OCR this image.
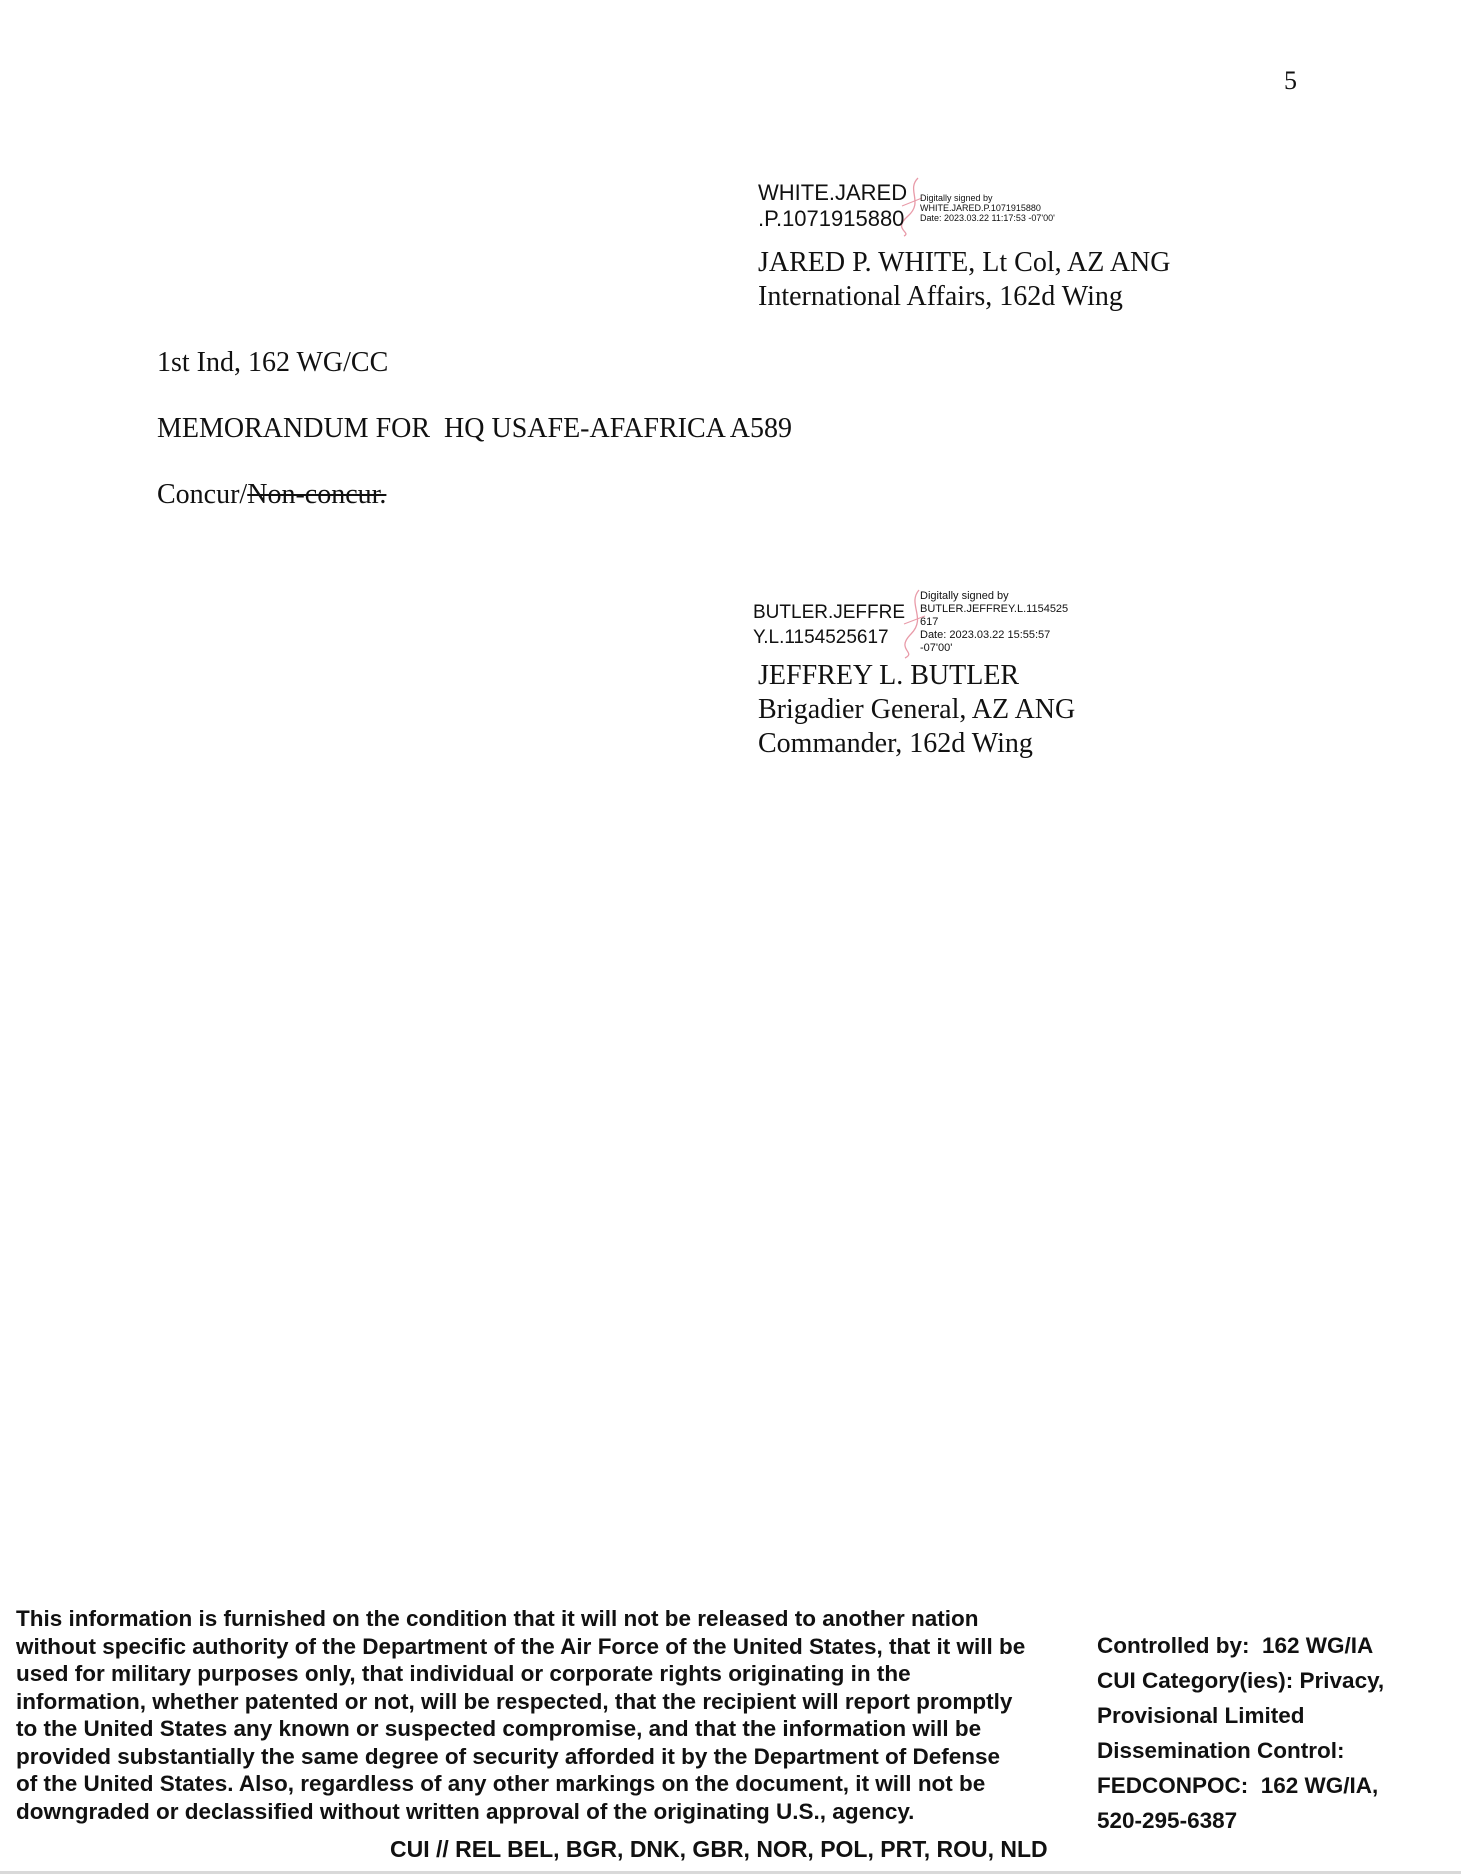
5
WHITE.JARED
.P.1071915880
Digitally signed by
WHITE.JARED.P.1071915880
Date: 2023.03.22 11:17:53 -07'00'
JARED P. WHITE, Lt Col, AZ ANG
International Affairs, 162d Wing
1st Ind, 162 WG/CC
MEMORANDUM FOR  HQ USAFE-AFAFRICA A589
Concur/Non-concur.
BUTLER.JEFFRE
Y.L.1154525617
Digitally signed by
BUTLER.JEFFREY.L.1154525
617
Date: 2023.03.22 15:55:57
-07'00'
JEFFREY L. BUTLER
Brigadier General, AZ ANG
Commander, 162d Wing
This information is furnished on the condition that it will not be released to another nation
without specific authority of the Department of the Air Force of the United States, that it will be
used for military purposes only, that individual or corporate rights originating in the
information, whether patented or not, will be respected, that the recipient will report promptly
to the United States any known or suspected compromise, and that the information will be
provided substantially the same degree of security afforded it by the Department of Defense
of the United States. Also, regardless of any other markings on the document, it will not be
downgraded or declassified without written approval of the originating U.S., agency.
Controlled by:  162 WG/IA
CUI Category(ies): Privacy,
Provisional Limited
Dissemination Control:
FEDCONPOC:  162 WG/IA,
520-295-6387
CUI // REL BEL, BGR, DNK, GBR, NOR, POL, PRT, ROU, NLD
